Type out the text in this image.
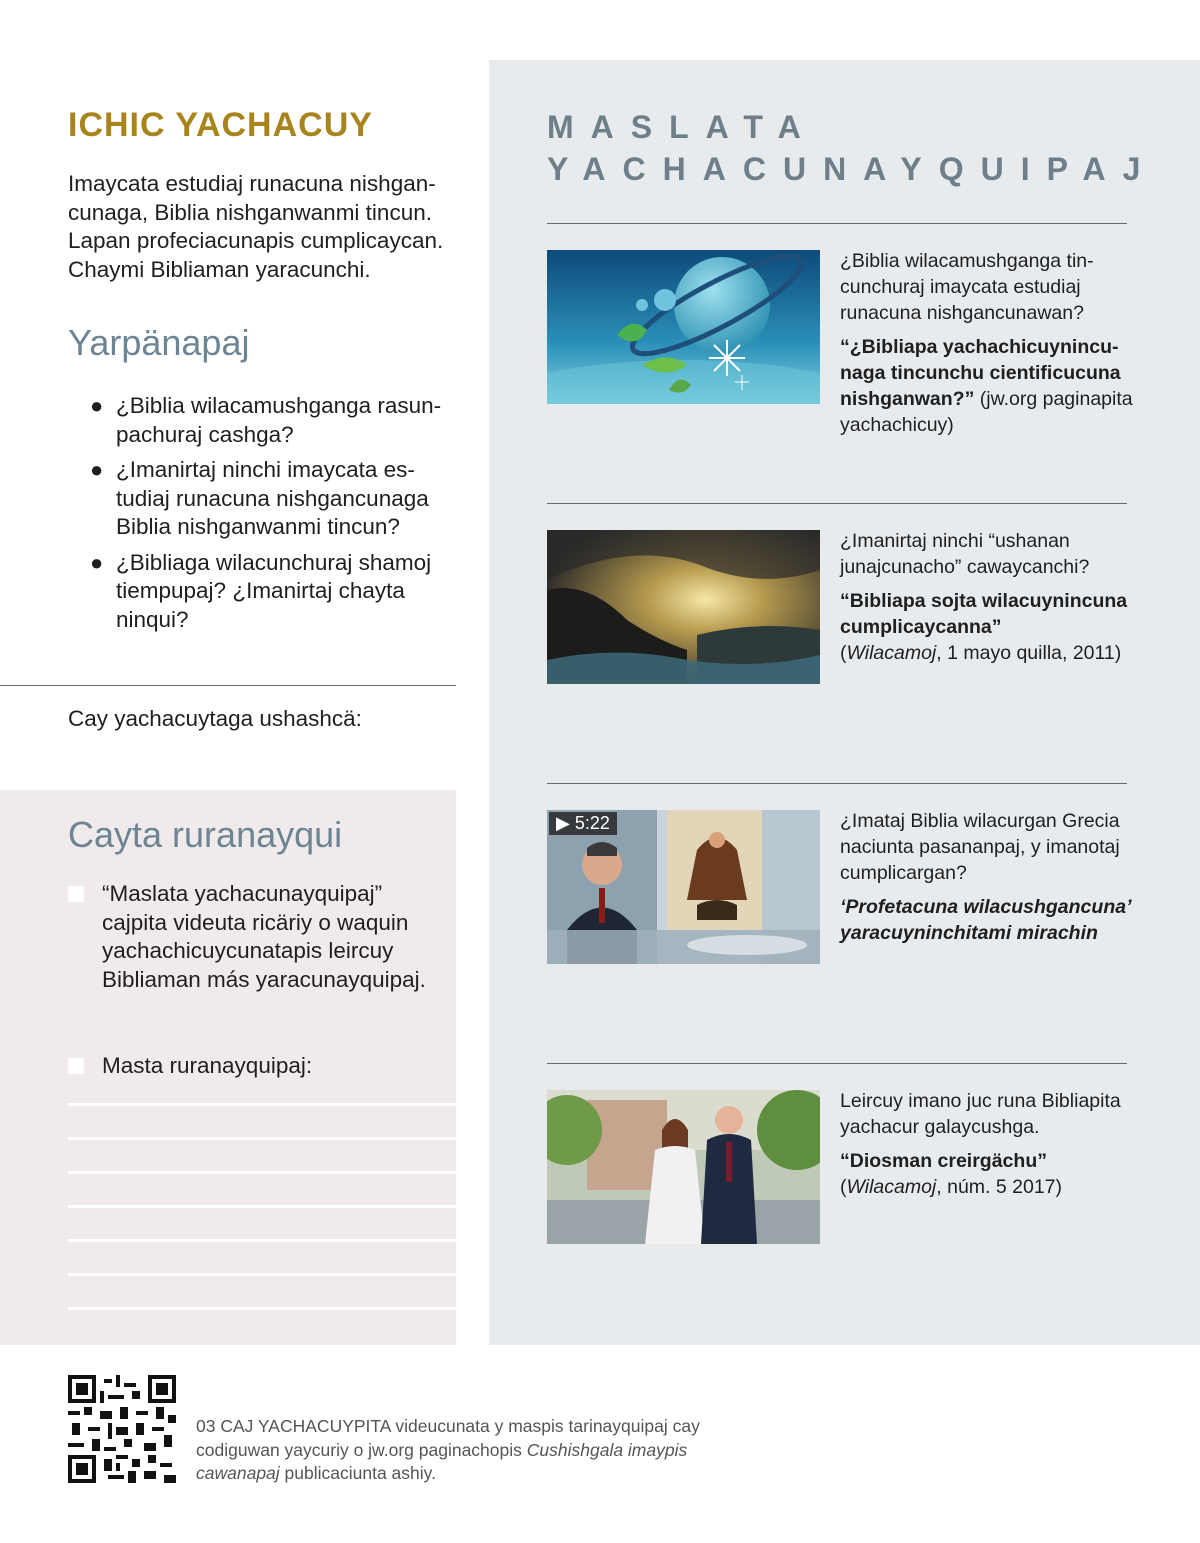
ICHIC YACHACUY

Imaycata estudiaj runacuna nishgancunaga, Biblia nishganwanmi tincun. Lapan profeciacunapis cumplicaycan. Chaymi Bibliaman yaracunchi.

Yarpänapaj
● ¿Biblia wilacamushganga rasunpachuraj cashga?
● ¿Imanirtaj ninchi imaycata estudiaj runacuna nishgancunaga Biblia nishganwanmi tincun?
● ¿Bibliaga wilacunchuraj shamoj tiempupaj? ¿Imanirtaj chayta ninqui?
Cay yachacuytaga ushashcä:
Cayta ruranayqui
“Maslata yachacunayquipaj” cajpita videuta ricäriy o waquin yachachicuycunatapis leircuy Bibliaman más yaracunayquipaj.
Masta ruranayquipaj:
MASLATA
YACHACUNAYQUIPAJ
¿Biblia wilacamushganga tincunchuraj imaycata estudiaj runacuna nishgancunawan?
“¿Bibliapa yachachicuynincunaga tincunchu cientificucuna nishganwan?” (jw.org paginapita yachachicuy)
¿Imanirtaj ninchi “ushanan junajcunacho” cawaycanchi?
“Bibliapa sojta wilacuynincuna cumplicaycanna”
(Wilacamoj, 1 mayo quilla, 2011)
▶ 5:22	¿Imataj Biblia wilacurgan Grecia naciunta pasananpaj, y imanotaj cumplicargan?
‘Profetacuna wilacushgancuna’ yaracuyninchitami mirachin
Leircuy imano juc runa Bibliapita yachacur galaycushga.
“Diosman creirgächu”
(Wilacamoj, núm. 5 2017)

03 CAJ YACHACUYPITA videucunata y maspis tarinayquipaj cay codiguwan yaycuriy o jw.org paginachopis Cushishgala imaypis cawanapaj publicaciunta ashiy.
